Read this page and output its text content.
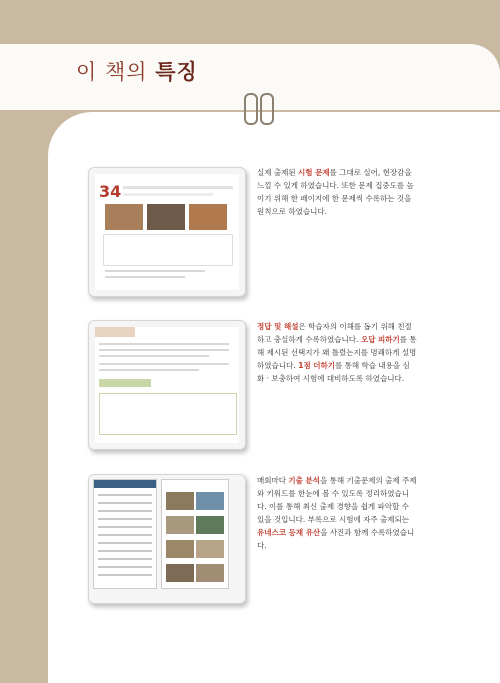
이 책의 특징
34
실제 출제된 시험 문제를 그대로 실어, 현장감을 느낄 수 있게 하였습니다. 또한 문제 집중도를 높이기 위해 한 페이지에 한 문제씩 수록하는 것을 원칙으로 하였습니다.
정답 및 해설은 학습자의 이해를 돕기 위해 친절하고 충실하게 수록하였습니다. 오답 피하기를 통해 제시된 선택지가 왜 틀렸는지를 명쾌하게 설명하였습니다. 1점 더하기를 통해 학습 내용을 심화 · 보충하여 시험에 대비하도록 하였습니다.
매회마다 기출 분석을 통해 기출문제의 출제 주제와 키워드를 한눈에 볼 수 있도록 정리하였습니다. 이를 통해 최신 출제 경향을 쉽게 파악할 수 있을 것입니다. 부록으로 시험에 자주 출제되는 유네스코 등재 유산을 사진과 함께 수록하였습니다.
